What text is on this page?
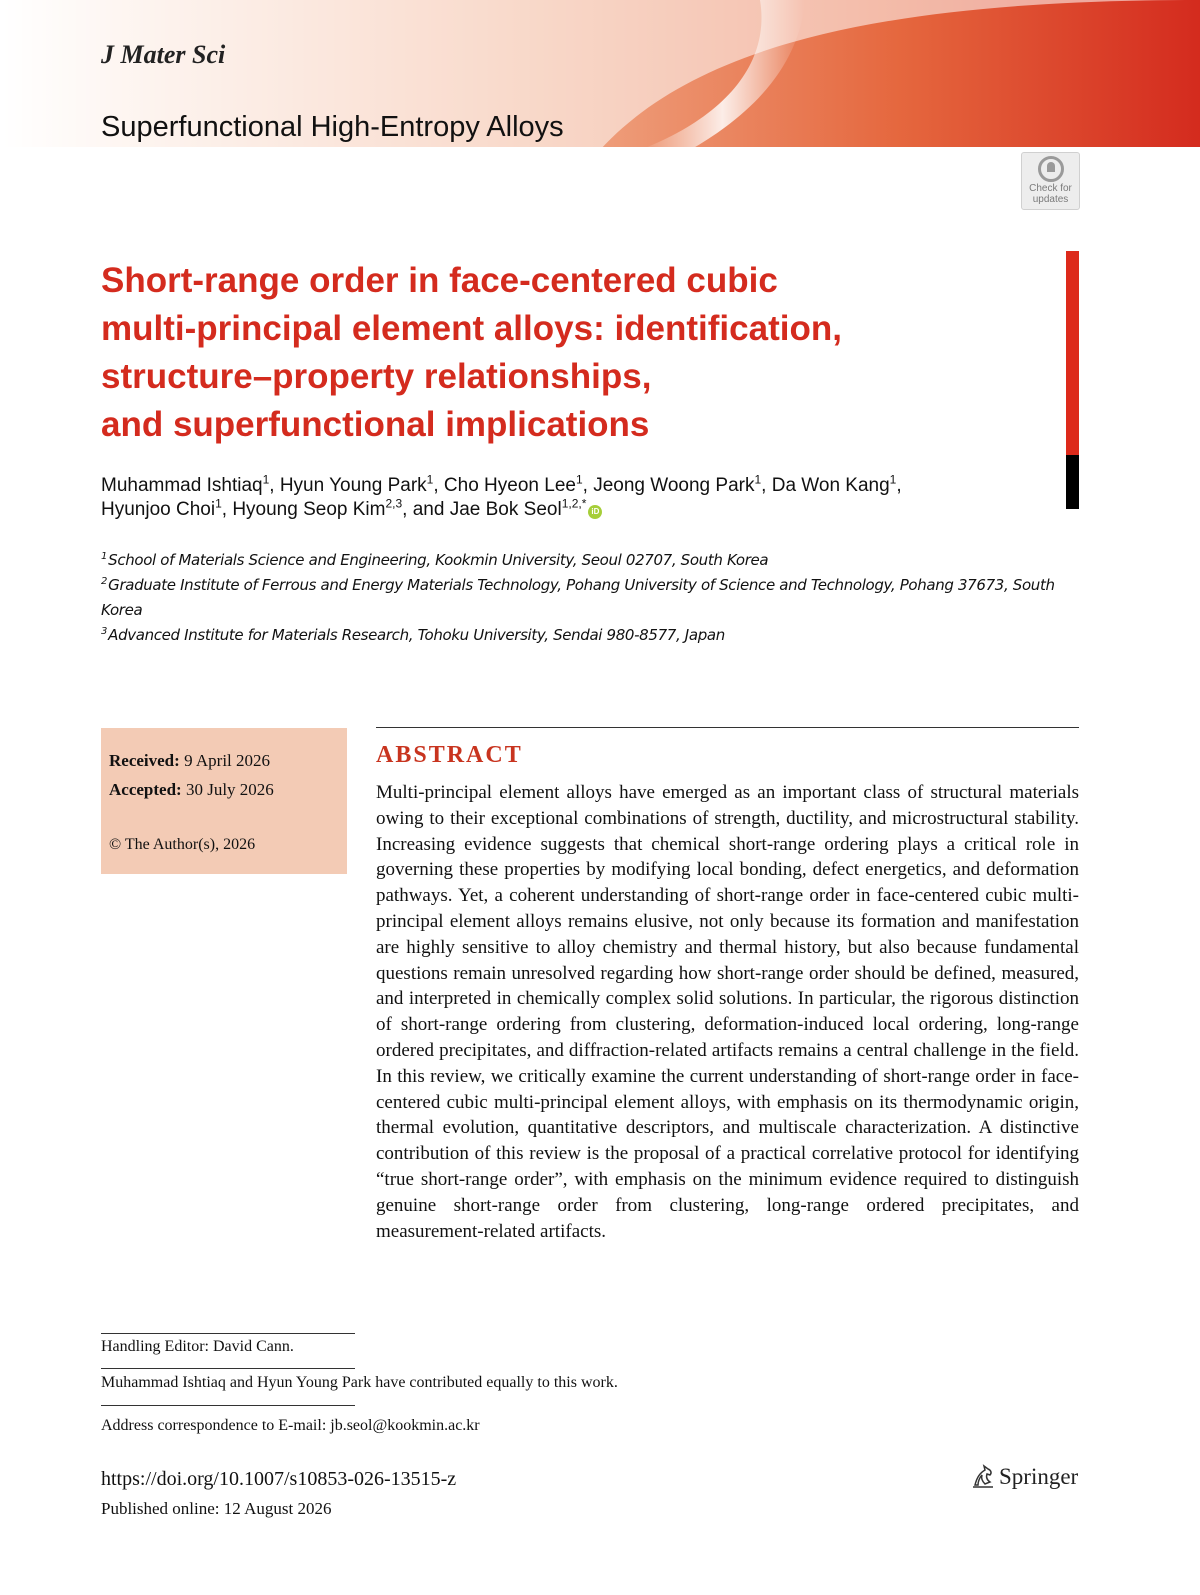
J Mater Sci
Superfunctional High-Entropy Alloys
Check for
updates
Short-range order in face-centered cubic
multi-principal element alloys: identification,
structure–property relationships,
and superfunctional implications
Muhammad Ishtiaq$^1$, Hyun Young Park$^1$, Cho Hyeon Lee$^1$, Jeong Woong Park$^1$, Da Won Kang$^1$,
Hyunjoo Choi$^1$, Hyoung Seop Kim$^{2,3}$, and Jae Bok Seol$^{1,2,*}$iD
$^1$ School of Materials Science and Engineering, Kookmin University, Seoul 02707, South Korea
$^2$ Graduate Institute of Ferrous and Energy Materials Technology, Pohang University of Science and Technology, Pohang 37673, South Korea
$^3$ Advanced Institute for Materials Research, Tohoku University, Sendai 980-8577, Japan
Received: 9 April 2026
Accepted: 30 July 2026
© The Author(s), 2026
ABSTRACT

Multi-principal element alloys have emerged as an important class of structural materials owing to their exceptional combinations of strength, ductility, and microstructural stability. Increasing evidence suggests that chemical short-range ordering plays a critical role in governing these properties by modifying local bonding, defect energetics, and deformation pathways. Yet, a coherent understanding of short-range order in face-centered cubic multi-principal element alloys remains elusive, not only because its formation and manifestation are highly sensitive to alloy chemistry and thermal history, but also because fundamental questions remain unresolved regarding how short-range order should be defined, measured, and interpreted in chemically complex solid solutions. In particular, the rigorous distinction of short-range ordering from clustering, deformation-induced local ordering, long-range ordered precipitates, and diffraction-related artifacts remains a central challenge in the field. In this review, we critically examine the current understanding of short-range order in face-centered cubic multi-principal element alloys, with emphasis on its thermodynamic origin, thermal evolution, quantitative descriptors, and multiscale characterization. A distinctive contribution of this review is the proposal of a practical correlative protocol for identifying “true short-range order”, with emphasis on the minimum evidence required to distinguish genuine short-range order from clustering, long-range ordered precipitates, and measurement-related artifacts.

Handling Editor: David Cann.
Muhammad Ishtiaq and Hyun Young Park have contributed equally to this work.
Address correspondence to E-mail: jb.seol@kookmin.ac.kr
https://doi.org/10.1007/s10853-026-13515-z
Published online: 12 August 2026
Springer
